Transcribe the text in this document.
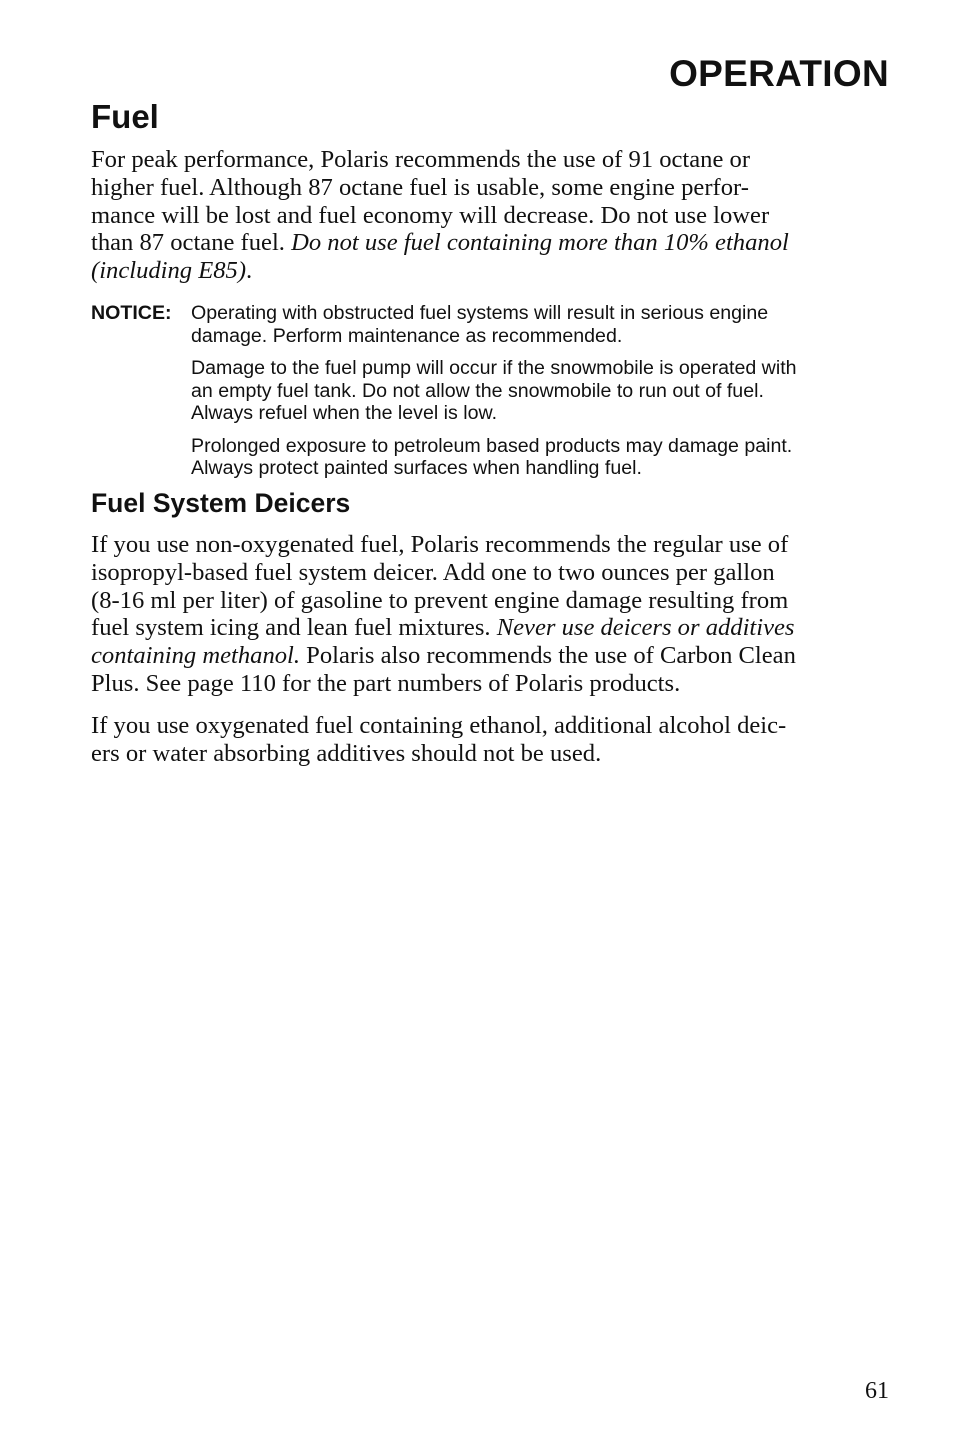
OPERATION
Fuel
For peak performance, Polaris recommends the use of 91 octane or
higher fuel. Although 87 octane fuel is usable, some engine perfor-
mance will be lost and fuel economy will decrease. Do not use lower
than 87 octane fuel. Do not use fuel containing more than 10% ethanol
(including E85).
NOTICE: Operating with obstructed fuel systems will result in serious engine
damage. Perform maintenance as recommended.

Damage to the fuel pump will occur if the snowmobile is operated with
an empty fuel tank. Do not allow the snowmobile to run out of fuel.
Always refuel when the level is low.

Prolonged exposure to petroleum based products may damage paint.
Always protect painted surfaces when handling fuel.

Fuel System Deicers
If you use non-oxygenated fuel, Polaris recommends the regular use of
isopropyl-based fuel system deicer. Add one to two ounces per gallon
(8-16 ml per liter) of gasoline to prevent engine damage resulting from
fuel system icing and lean fuel mixtures. Never use deicers or additives
containing methanol. Polaris also recommends the use of Carbon Clean
Plus. See page 110 for the part numbers of Polaris products.
If you use oxygenated fuel containing ethanol, additional alcohol deic-
ers or water absorbing additives should not be used.

61
